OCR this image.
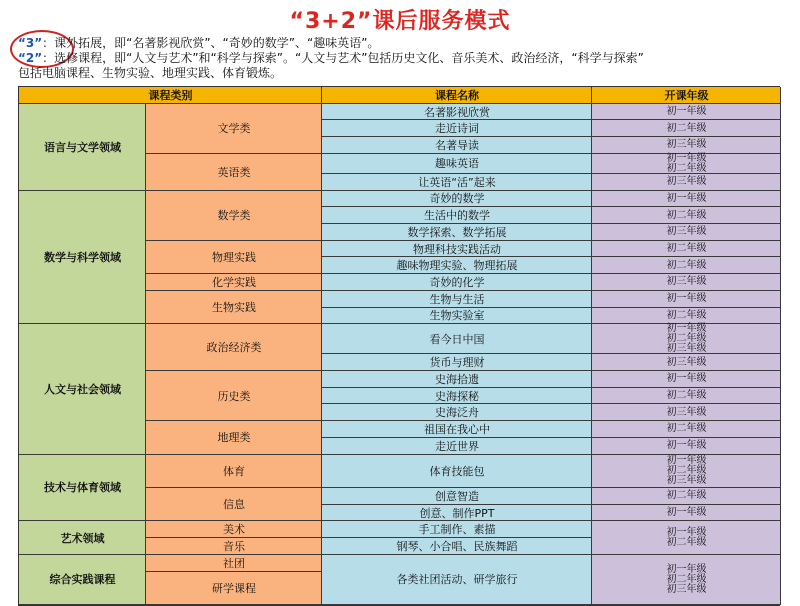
“3+2”课后服务模式
“3”：课外拓展，即“名著影视欣赏”、“奇妙的数学”、“趣味英语”。
“2”：选修课程，即“人文与艺术”和“科学与探索”。“人文与艺术”包括历史文化、音乐美术、政治经济，“科学与探索”
包括电脑课程、生物实验、地理实践、体育锻炼。
课程类别	课程名称	开课年级
语言与文学领域
数学与科学领域
人文与社会领域
技术与体育领域
艺术领域
综合实践课程
文学类
英语类
数学类
物理实践
化学实践
生物实践
政治经济类
历史类
地理类
体育
信息
美术
音乐
社团
研学课程
名著影视欣赏
走近诗词
名著导读
趣味英语
让英语“活”起来
奇妙的数学
生活中的数学
数学探索、数学拓展
物理科技实践活动
趣味物理实验、物理拓展
奇妙的化学
生物与生活
生物实验室
看今日中国
货币与理财
史海拾遗
史海探秘
史海泛舟
祖国在我心中
走近世界
体育技能包
创意智造
创意、制作PPT
手工制作、素描
钢琴、小合唱、民族舞蹈
各类社团活动、研学旅行
初一年级
初二年级
初三年级
初一年级
初二年级
初三年级
初一年级
初二年级
初三年级
初二年级
初二年级
初三年级
初一年级
初二年级
初一年级
初二年级
初三年级
初三年级
初一年级
初二年级
初三年级
初二年级
初一年级
初一年级
初二年级
初三年级
初二年级
初一年级
初一年级
初二年级
初一年级
初二年级
初三年级
